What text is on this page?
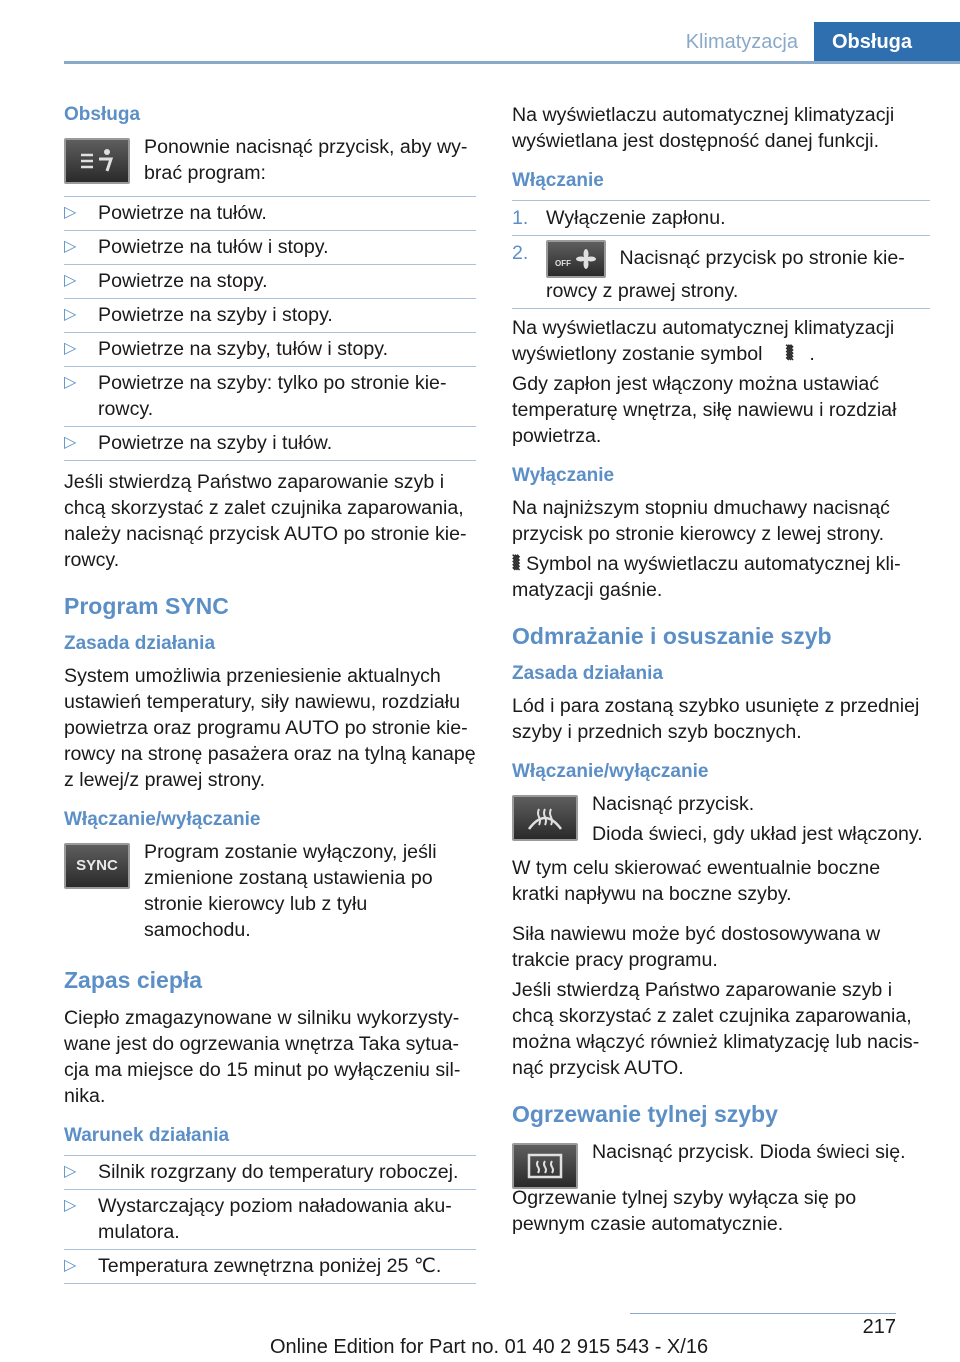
Klimatyzacja	Obsługa
Obsługa

Ponownie nacisnąć przycisk, aby wybrać program:

▷ Powietrze na tułów.
▷ Powietrze na tułów i stopy.
▷ Powietrze na stopy.
▷ Powietrze na szyby i stopy.
▷ Powietrze na szyby, tułów i stopy.
▷ Powietrze na szyby: tylko po stronie kierowcy.
▷ Powietrze na szyby i tułów.

Jeśli stwierdzą Państwo zaparowanie szyb i chcą skorzystać z zalet czujnika zaparowania, należy nacisnąć przycisk AUTO po stronie kierowcy.

Program SYNC
Zasada działania

System umożliwia przeniesienie aktualnych ustawień temperatury, siły nawiewu, rozdziału powietrza oraz programu AUTO po stronie kierowcy na stronę pasażera oraz na tylną kanapę z lewej/z prawej strony.

Włączanie/wyłączanie
SYNC

Program zostanie wyłączony, jeśli zmienione zostaną ustawienia po stronie kierowcy lub z tyłu samochodu.

Zapas ciepła

Ciepło zmagazynowane w silniku wykorzystywane jest do ogrzewania wnętrza Taka sytuacja ma miejsce do 15 minut po wyłączeniu silnika.

Warunek działania
▷ Silnik rozgrzany do temperatury roboczej.
▷ Wystarczający poziom naładowania akumulatora.
▷ Temperatura zewnętrzna poniżej 25 ℃.

Na wyświetlaczu automatycznej klimatyzacji wyświetlana jest dostępność danej funkcji.

Włączanie
1. Wyłączenie zapłonu.
2.	OFF Nacisnąć przycisk po stronie kierowcy z prawej strony.

Na wyświetlaczu automatycznej klimatyzacji wyświetlony zostanie symbol  ⦚⦚⦚ .

Gdy zapłon jest włączony można ustawiać temperaturę wnętrza, siłę nawiewu i rozdział powietrza.

Wyłączanie

Na najniższym stopniu dmuchawy nacisnąć przycisk po stronie kierowcy z lewej strony.

⦚⦚⦚ Symbol na wyświetlaczu automatycznej klimatyzacji gaśnie.

Odmrażanie i osuszanie szyb
Zasada działania

Lód i para zostaną szybko usunięte z przedniej szyby i przednich szyb bocznych.

Włączanie/wyłączanie

Nacisnąć przycisk.

Dioda świeci, gdy układ jest włączony.

W tym celu skierować ewentualnie boczne kratki napływu na boczne szyby.

Siła nawiewu może być dostosowywana w trakcie pracy programu.

Jeśli stwierdzą Państwo zaparowanie szyb i chcą skorzystać z zalet czujnika zaparowania, można włączyć również klimatyzację lub nacisnąć przycisk AUTO.

Ogrzewanie tylnej szyby

Nacisnąć przycisk. Dioda świeci się.

Ogrzewanie tylnej szyby wyłącza się po pewnym czasie automatycznie.

217
Online Edition for Part no. 01 40 2 915 543 - X/16
